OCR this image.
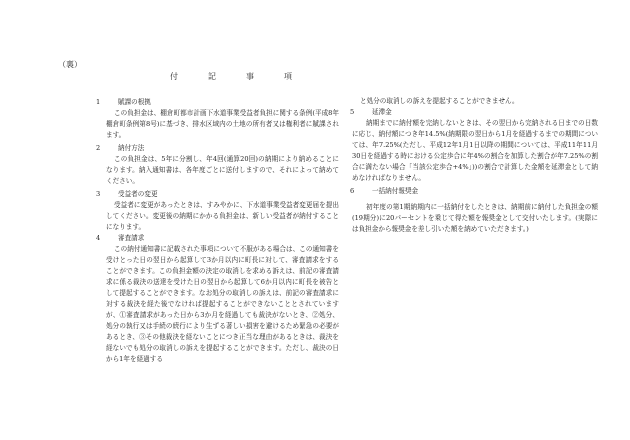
（裏）
付　記　事　項
1	賦課の根拠
この負担金は、棚倉町都市計画下水道事業受益者負担に関する条例(平成8年棚倉町条例第8号)に基づき、排水区域内の土地の所有者又は権利者に賦課されます。
2	納付方法
この負担金は、5年に分割し、年4回(通算20回)の納期により納めることになります。納入通知書は、各年度ごとに送付しますので、それによって納めてください。
3	受益者の変更
受益者に変更があったときは、すみやかに、下水道事業受益者変更届を提出してください。変更後の納期にかかる負担金は、新しい受益者が納付することになります。
4	審査請求
この納付通知書に記載された事項について不服がある場合は、この通知書を受けとった日の翌日から起算して3か月以内に町長に対して、審査請求をすることができます。この負担金額の決定の取消しを求める訴えは、前記の審査請求に係る裁決の送達を受けた日の翌日から起算して6か月以内に町長を被告として提起することができます。なお処分の取消しの訴えは、前記の審査請求に対する裁決を経た後でなければ提起することができないこととされていますが、①審査請求があった日から3か月を経過しても裁決がないとき、②処分、処分の執行又は手続の続行により生ずる著しい損害を避けるため緊急の必要があるとき、③その他裁決を経ないことにつき正当な理由があるときは、裁決を経ないでも処分の取消しの訴えを提起することができます。ただし、裁決の日から1年を経過する
と処分の取消しの訴えを提起することができません。
5	延滞金
納期までに納付額を完納しないときは、その翌日から完納される日までの日数に応じ、納付額につき年14.5%(納期限の翌日から1月を経過するまでの期間については、年7.25%(ただし、平成12年1月1日以降の期間については、平成11年11月30日を経過する時における公定歩合に年4%の割合を加算した割合が年7.25%の割合に満たない場合「当該公定歩合+4%」))の割合で計算した金額を延滞金として納めなければなりません。
6	一括納付報奨金
初年度の第1期納期内に一括納付をしたときは、納期前に納付した負担金の額(19期分)に20パーセントを乗じて得た額を報奨金として交付いたします。(実際には負担金から報奨金を差し引いた額を納めていただきます。)
